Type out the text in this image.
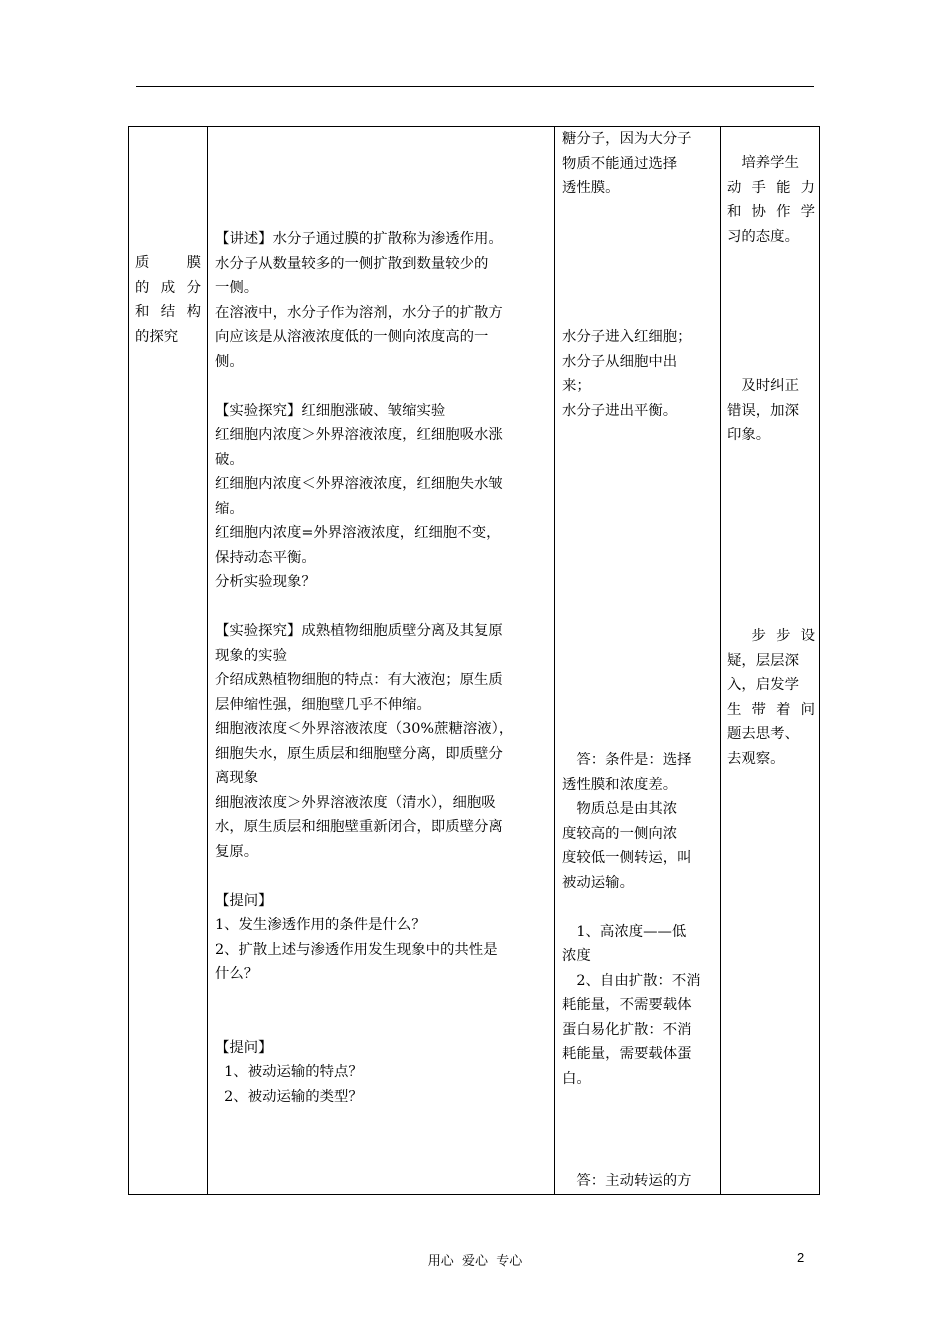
质　膜

的成分

和结构

的探究

【讲述】水分子通过膜的扩散称为渗透作用。

水分子从数量较多的一侧扩散到数量较少的

一侧。

在溶液中，水分子作为溶剂，水分子的扩散方

向应该是从溶液浓度低的一侧向浓度高的一

侧。

【实验探究】红细胞涨破、皱缩实验

红细胞内浓度＞外界溶液浓度，红细胞吸水涨

破。

红细胞内浓度＜外界溶液浓度，红细胞失水皱

缩。

红细胞内浓度=外界溶液浓度，红细胞不变，

保持动态平衡。

分析实验现象？

【实验探究】成熟植物细胞质壁分离及其复原

现象的实验

介绍成熟植物细胞的特点：有大液泡；原生质

层伸缩性强，细胞壁几乎不伸缩。

细胞液浓度＜外界溶液浓度（30%蔗糖溶液），

细胞失水，原生质层和细胞壁分离，即质壁分

离现象

细胞液浓度＞外界溶液浓度（清水），细胞吸

水，原生质层和细胞壁重新闭合，即质壁分离

复原。

【提问】

1、发生渗透作用的条件是什么？

2、扩散上述与渗透作用发生现象中的共性是

什么？

【提问】

1、被动运输的特点？

2、被动运输的类型？

糖分子，因为大分子

物质不能通过选择

透性膜。

水分子进入红细胞；

水分子从细胞中出

来；

水分子进出平衡。

　答：条件是：选择

透性膜和浓度差。

　物质总是由其浓

度较高的一侧向浓

度较低一侧转运，叫

被动运输。

　1、高浓度——低

浓度

　2、自由扩散：不消

耗能量，不需要载体

蛋白易化扩散：不消

耗能量，需要载体蛋

白。

　答：主动转运的方

　培养学生

动手能力

和协作学

习的态度。

　及时纠正

错误，加深

印象。

　步步设

疑，层层深

入，启发学

生带着问

题去思考、

去观察。

用心  爱心  专心	2
